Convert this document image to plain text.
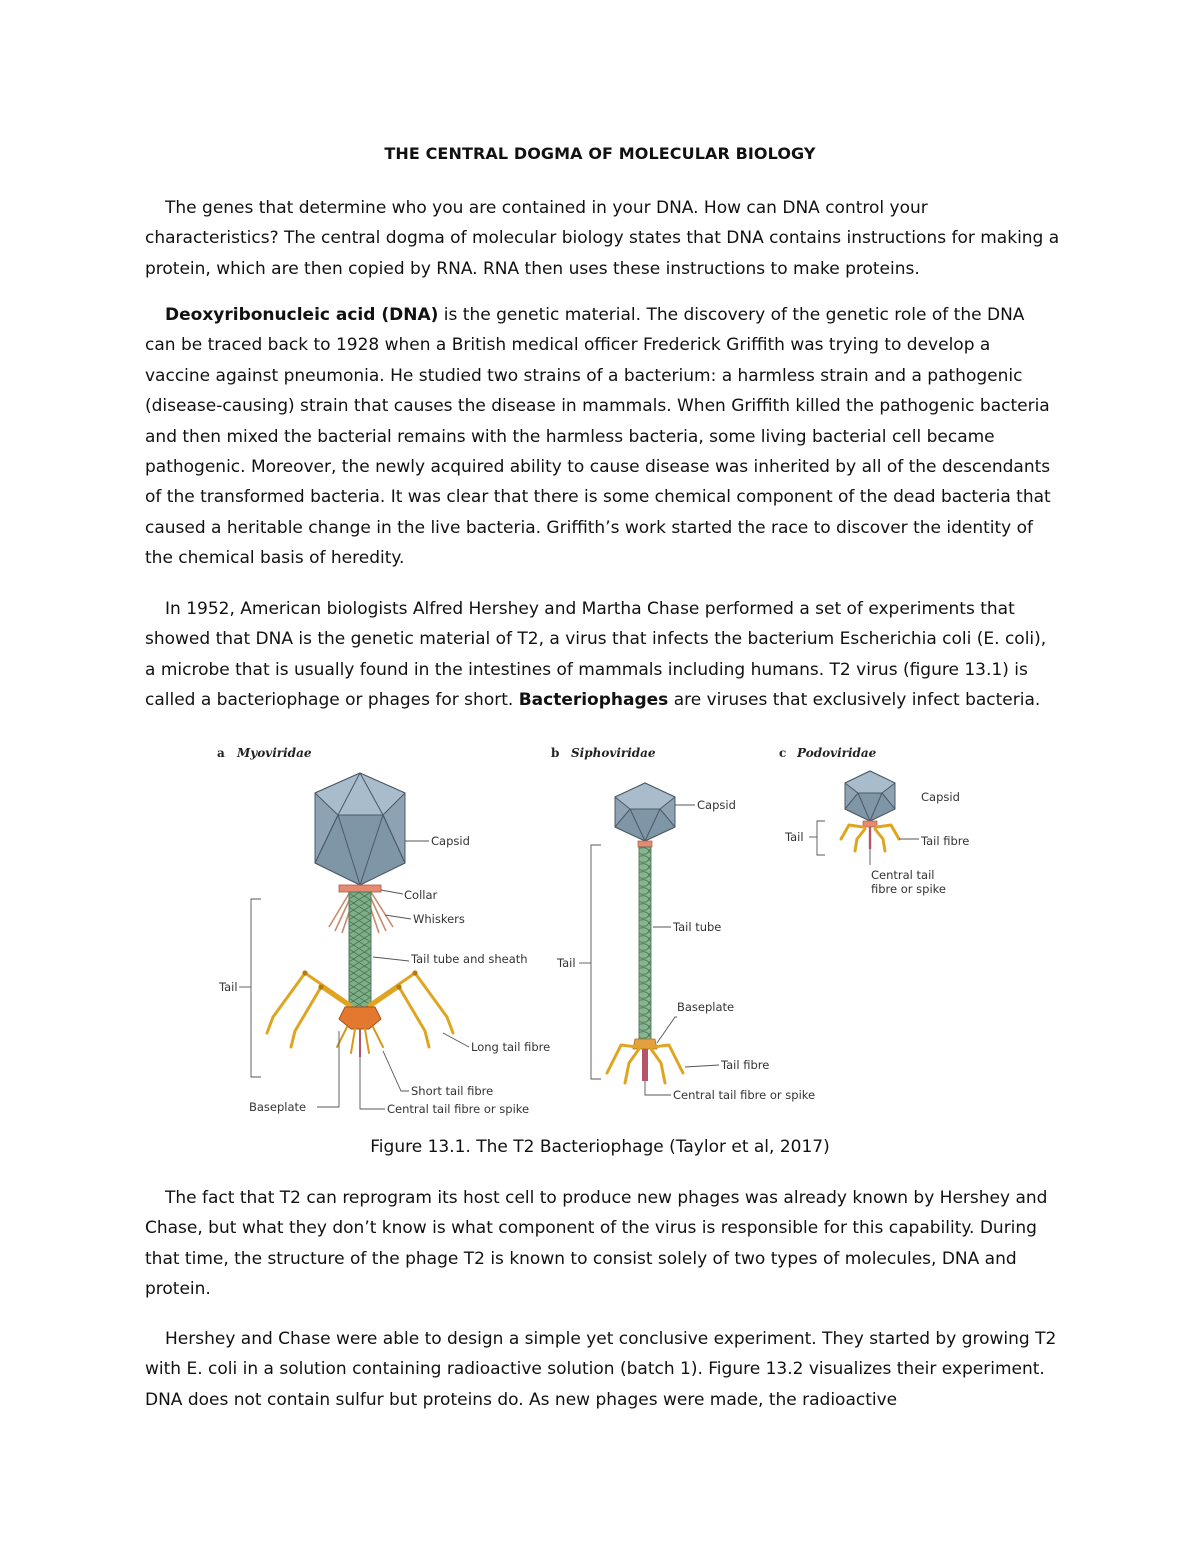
THE CENTRAL DOGMA OF MOLECULAR BIOLOGY
The genes that determine who you are contained in your DNA. How can DNA control your characteristics? The central dogma of molecular biology states that DNA contains instructions for making a protein, which are then copied by RNA. RNA then uses these instructions to make proteins.
Deoxyribonucleic acid (DNA) is the genetic material. The discovery of the genetic role of the DNA can be traced back to 1928 when a British medical officer Frederick Griffith was trying to develop a vaccine against pneumonia. He studied two strains of a bacterium: a harmless strain and a pathogenic (disease-causing) strain that causes the disease in mammals. When Griffith killed the pathogenic bacteria and then mixed the bacterial remains with the harmless bacteria, some living bacterial cell became pathogenic. Moreover, the newly acquired ability to cause disease was inherited by all of the descendants of the transformed bacteria. It was clear that there is some chemical component of the dead bacteria that caused a heritable change in the live bacteria. Griffith’s work started the race to discover the identity of the chemical basis of heredity.
In 1952, American biologists Alfred Hershey and Martha Chase performed a set of experiments that showed that DNA is the genetic material of T2, a virus that infects the bacterium Escherichia coli (E. coli), a microbe that is usually found in the intestines of mammals including humans. T2 virus (figure 13.1) is called a bacteriophage or phages for short. Bacteriophages are viruses that exclusively infect bacteria.
a Myoviridae
Capsid
Collar
Whiskers
Tail tube and sheath
Tail
Long tail fibre
Short tail fibre
Baseplate	Central tail fibre or spike
b Siphoviridae
Capsid
Tail tube
Tail
Baseplate
Tail fibre
Central tail fibre or spike
c Podoviridae
Capsid
Tail	Tail fibre
Central tail
fibre or spike
Figure 13.1. The T2 Bacteriophage (Taylor et al, 2017)
The fact that T2 can reprogram its host cell to produce new phages was already known by Hershey and Chase, but what they don’t know is what component of the virus is responsible for this capability. During that time, the structure of the phage T2 is known to consist solely of two types of molecules, DNA and protein.
Hershey and Chase were able to design a simple yet conclusive experiment. They started by growing T2 with E. coli in a solution containing radioactive solution (batch 1). Figure 13.2 visualizes their experiment. DNA does not contain sulfur but proteins do. As new phages were made, the radioactive
